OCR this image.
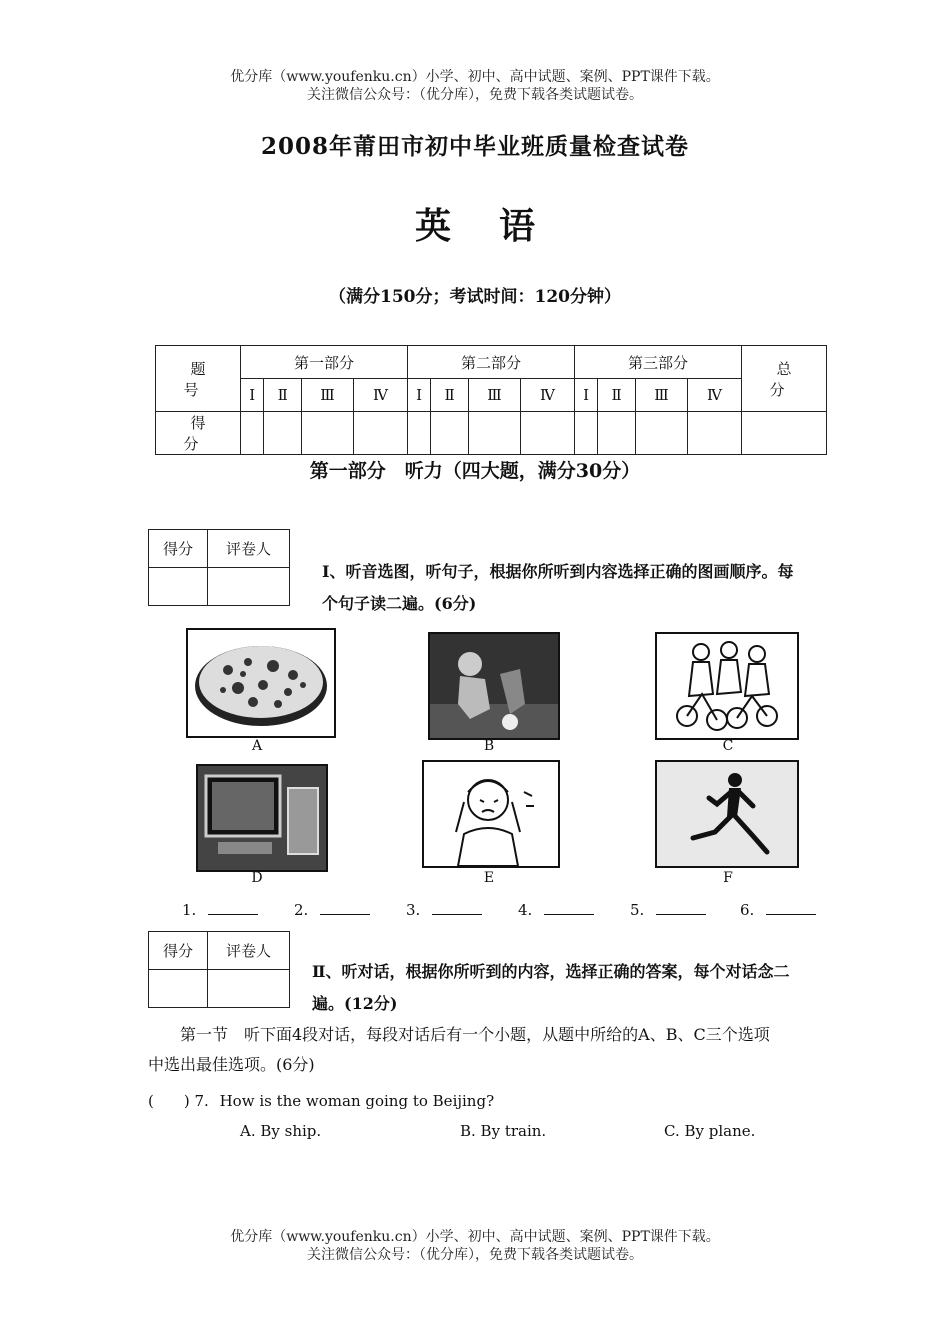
优分库（www.youfenku.cn）小学、初中、高中试题、案例、PPT课件下载。
关注微信公众号：（优分库），免费下载各类试题试卷。
2008年莆田市初中毕业班质量检查试卷
英语
（满分150分；考试时间：120分钟）
题 号	第一部分				第二部分				第三部分				总 分
	Ⅰ	Ⅱ	Ⅲ	Ⅳ	Ⅰ	Ⅱ	Ⅲ	Ⅳ	Ⅰ	Ⅱ	Ⅲ	Ⅳ	
得 分													
第一部分　听力（四大题，满分30分）
得分	评卷人

Ⅰ、听音选图，听句子，根据你所听到内容选择正确的图画顺序。每
个句子读二遍。(6分)
A	B	C
D	E	F
1.	2.	3.	4.	5.	6.
得分	评卷人

Ⅱ、听对话，根据你所听到的内容，选择正确的答案，每个对话念二
遍。(12分)
第一节　听下面4段对话，每段对话后有一个小题，从题中所给的A、B、C三个选项
中选出最佳选项。(6分)
(　　) 7. How is the woman going to Beijing?
A. By ship.	B. By train.	C. By plane.
优分库（www.youfenku.cn）小学、初中、高中试题、案例、PPT课件下载。
关注微信公众号：（优分库），免费下载各类试题试卷。
